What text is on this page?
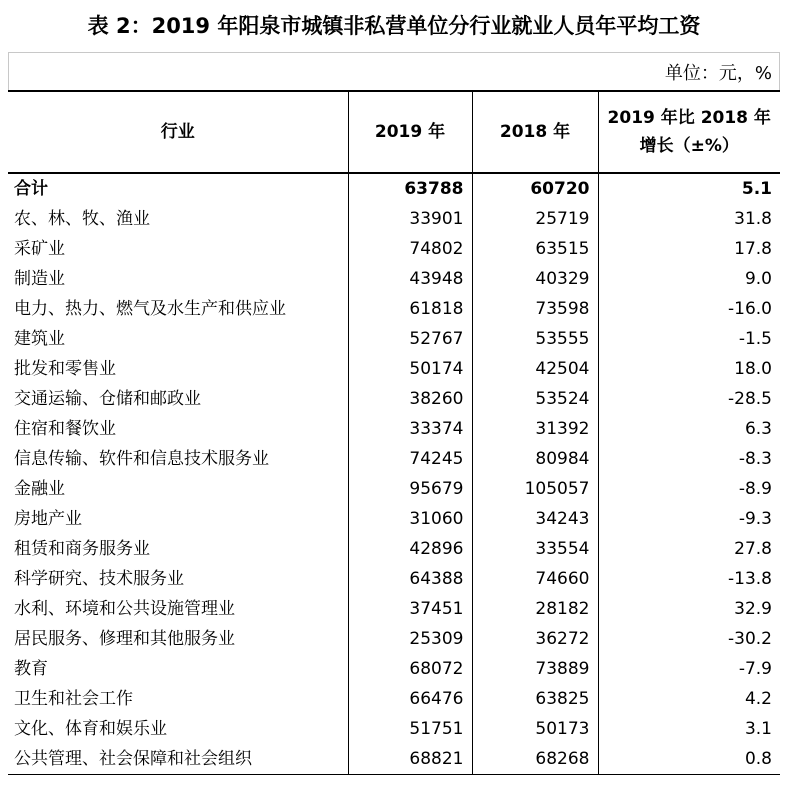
表 2：2019 年阳泉市城镇非私营单位分行业就业人员年平均工资
单位：元，%
行业	2019 年	2018 年	2019 年比 2018 年
增长（±%）

合计	63788	60720	5.1
农、林、牧、渔业	33901	25719	31.8
采矿业	74802	63515	17.8
制造业	43948	40329	9.0
电力、热力、燃气及水生产和供应业	61818	73598	-16.0
建筑业	52767	53555	-1.5
批发和零售业	50174	42504	18.0
交通运输、仓储和邮政业	38260	53524	-28.5
住宿和餐饮业	33374	31392	6.3
信息传输、软件和信息技术服务业	74245	80984	-8.3
金融业	95679	105057	-8.9
房地产业	31060	34243	-9.3
租赁和商务服务业	42896	33554	27.8
科学研究、技术服务业	64388	74660	-13.8
水利、环境和公共设施管理业	37451	28182	32.9
居民服务、修理和其他服务业	25309	36272	-30.2
教育	68072	73889	-7.9
卫生和社会工作	66476	63825	4.2
文化、体育和娱乐业	51751	50173	3.1
公共管理、社会保障和社会组织	68821	68268	0.8
